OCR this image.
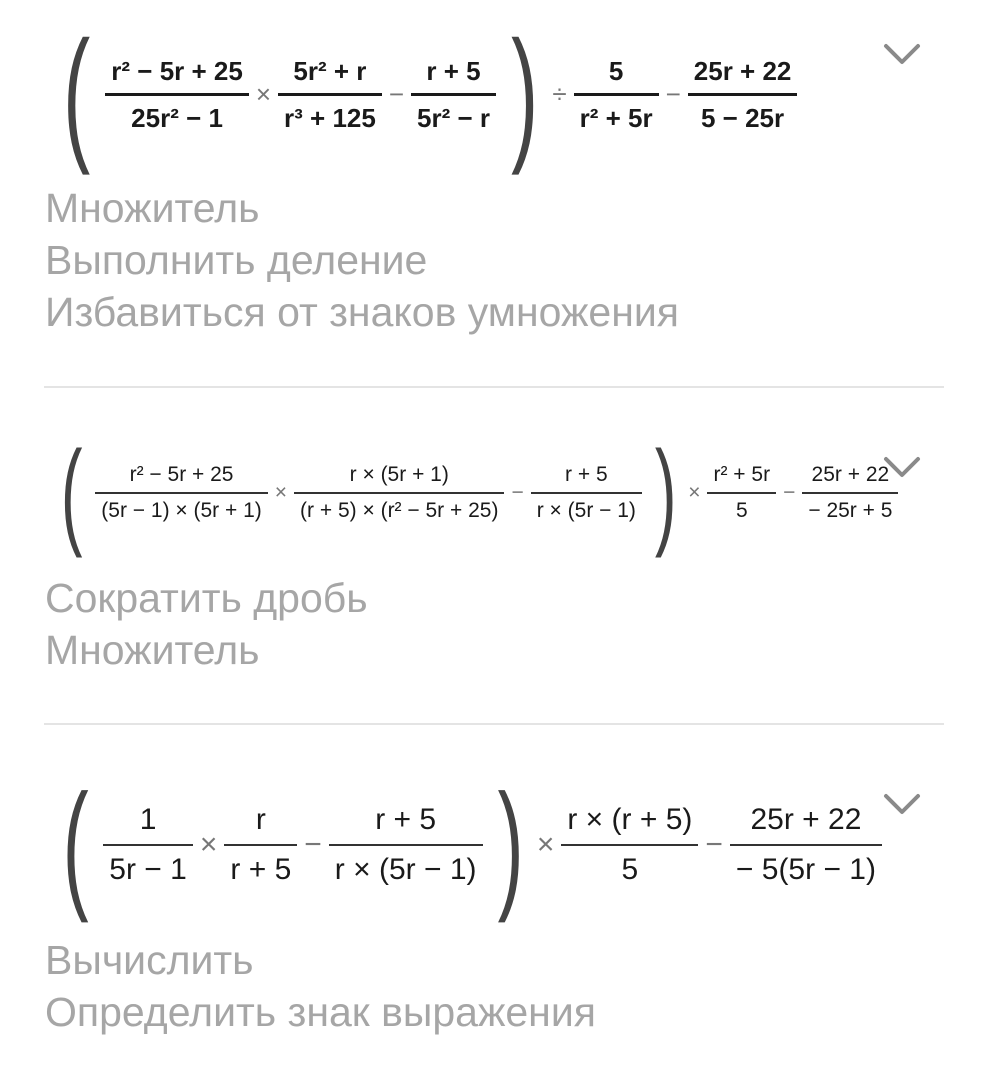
( $\frac{\text{r² − 5r + 25}}{\text{25r² − 1}} \times \frac{\text{5r² + r}}{\text{r³ + 125}} - \frac{r + 5}{\text{5r² − r}}$ ) ÷ $\frac{5}{\text{r² + 5r}} - \frac{25r + 22}{5 - 25r}$
Множитель
Выполнить деление
Избавиться от знаков умножения
( $\frac{\text{r² − 5r + 25}}{(5r - 1) \times (5r + 1)} \times \frac{r \times (5r + 1)}{\text{(r + 5) × (r² − 5r + 25)}} - \frac{r + 5}{r \times (5r - 1)}$ ) × $\frac{\text{r² + 5r}}{5} - \frac{25r + 22}{- 25r + 5}$
Сократить дробь
Множитель
( $\frac{1}{5r - 1} \times \frac{r}{r + 5} - \frac{r + 5}{r \times (5r - 1)}$ ) × $\frac{r \times (r + 5)}{5} - \frac{25r + 22}{- 5(5r - 1)}$
Вычислить
Определить знак выражения
